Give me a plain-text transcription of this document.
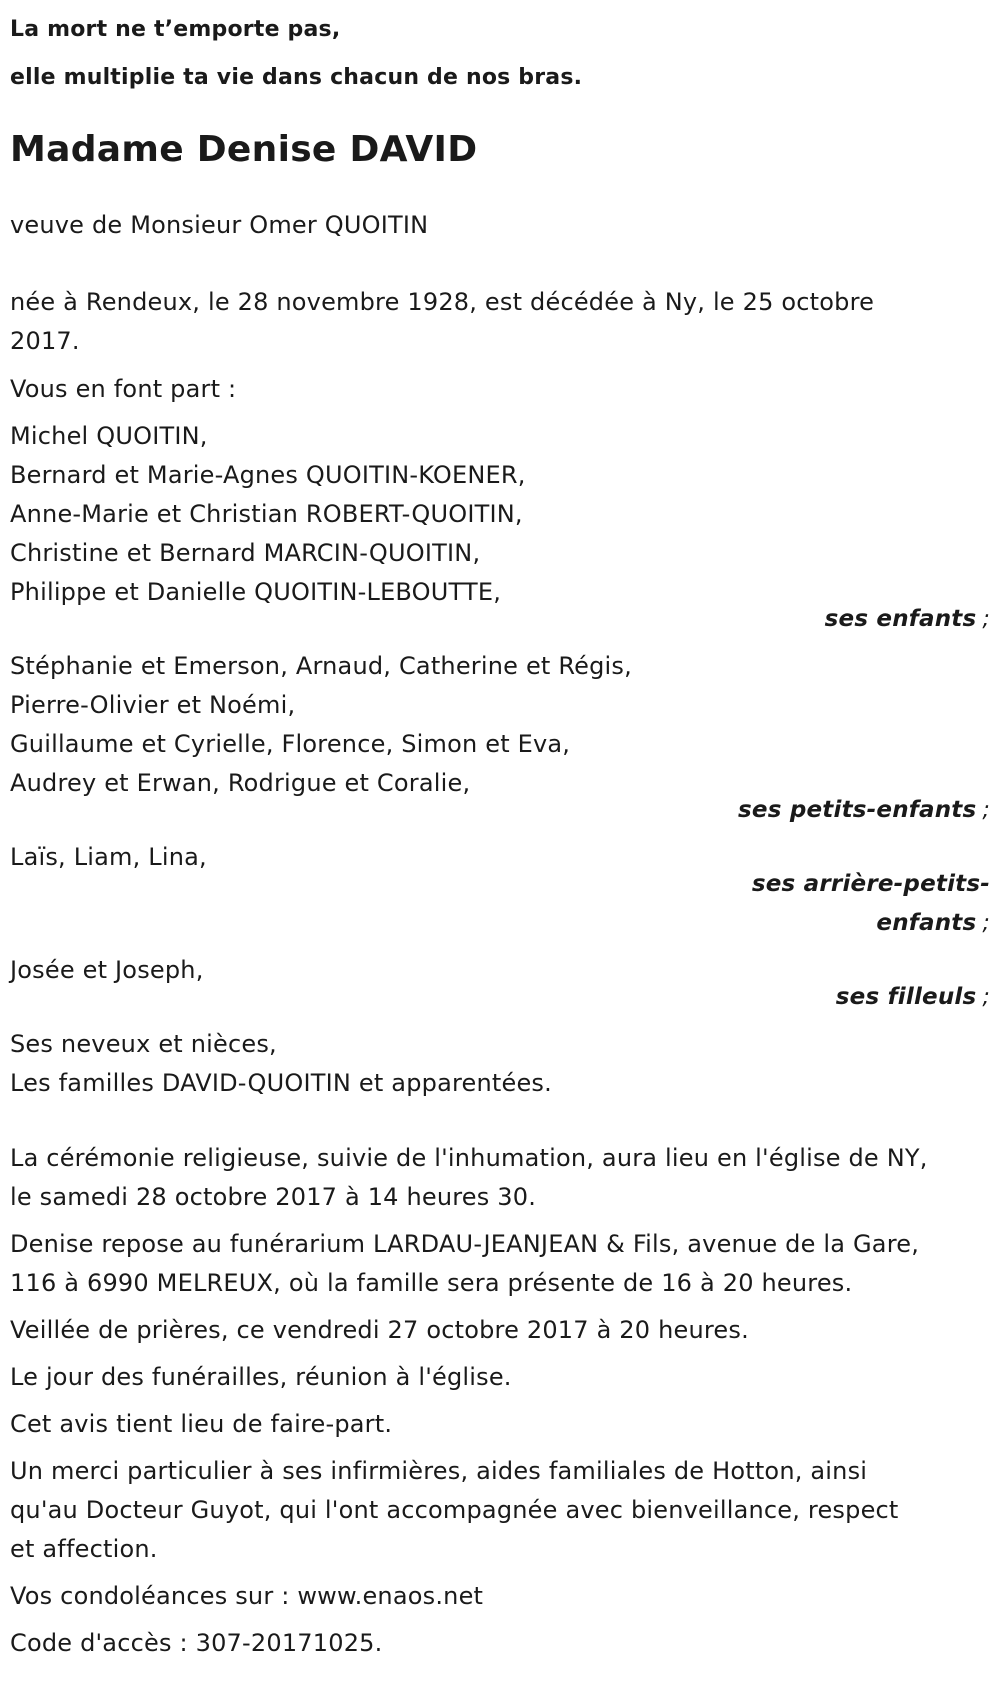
La mort ne t’emporte pas,

elle multiplie ta vie dans chacun de nos bras.

Madame Denise DAVID

veuve de Monsieur Omer QUOITIN

née à Rendeux, le 28 novembre 1928, est décédée à Ny, le 25 octobre
2017.

Vous en font part :

Michel QUOITIN,
Bernard et Marie-Agnes QUOITIN-KOENER,
Anne-Marie et Christian ROBERT-QUOITIN,
Christine et Bernard MARCIN-QUOITIN,
Philippe et Danielle QUOITIN-LEBOUTTE,

ses enfants ;

Stéphanie et Emerson, Arnaud, Catherine et Régis,
Pierre-Olivier et Noémi,
Guillaume et Cyrielle, Florence, Simon et Eva,
Audrey et Erwan, Rodrigue et Coralie,

ses petits-enfants ;

Laïs, Liam, Lina,

ses arrière-petits-
enfants ;

Josée et Joseph,

ses filleuls ;

Ses neveux et nièces,
Les familles DAVID-QUOITIN et apparentées.

La cérémonie religieuse, suivie de l'inhumation, aura lieu en l'église de NY,
le samedi 28 octobre 2017 à 14 heures 30.

Denise repose au funérarium LARDAU-JEANJEAN & Fils, avenue de la Gare,
116 à 6990 MELREUX, où la famille sera présente de 16 à 20 heures.

Veillée de prières, ce vendredi 27 octobre 2017 à 20 heures.

Le jour des funérailles, réunion à l'église.

Cet avis tient lieu de faire-part.

Un merci particulier à ses infirmières, aides familiales de Hotton, ainsi
qu'au Docteur Guyot, qui l'ont accompagnée avec bienveillance, respect
et affection.

Vos condoléances sur : www.enaos.net

Code d'accès : 307-20171025.
